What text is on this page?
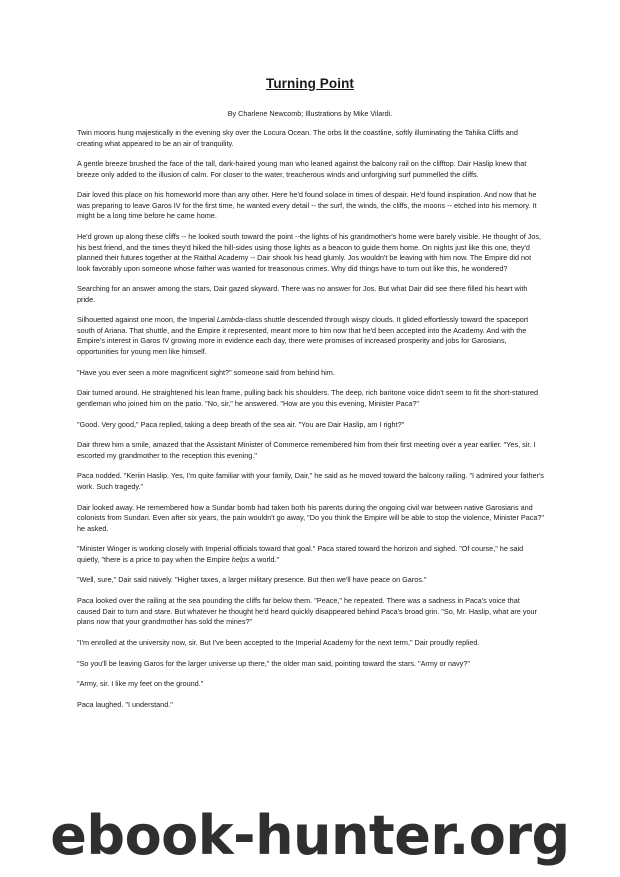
Turning Point
By Charlene Newcomb; Illustrations by Mike Vilardi.

Twin moons hung majestically in the evening sky over the Locura Ocean. The orbs lit the coastline, softly illuminating the Tahika Cliffs and creating what appeared to be an air of tranquility.

A gentle breeze brushed the face of the tall, dark-haired young man who leaned against the balcony rail on the clifftop. Dair Haslip knew that breeze only added to the illusion of calm. For closer to the water, treacherous winds and unforgiving surf pummelled the cliffs.

Dair loved this place on his homeworld more than any other. Here he'd found solace in times of despair. He'd found inspiration. And now that he was preparing to leave Garos IV for the first time, he wanted every detail -- the surf, the winds, the cliffs, the moons -- etched into his memory. It might be a long time before he came home.

He'd grown up along these cliffs -- he looked south toward the point --the lights of his grandmother's home were barely visible. He thought of Jos, his best friend, and the times they'd hiked the hill-sides using those lights as a beacon to guide them home. On nights just like this one, they'd planned their futures together at the Raithal Academy -- Dair shook his head glumly. Jos wouldn't be leaving with him now. The Empire did not look favorably upon someone whose father was wanted for treasonous crimes. Why did things have to turn out like this, he wondered?

Searching for an answer among the stars, Dair gazed skyward. There was no answer for Jos. But what Dair did see there filled his heart with pride.

Silhouetted against one moon, the Imperial Lambda-class shuttle descended through wispy clouds. It glided effortlessly toward the spaceport south of Ariana. That shuttle, and the Empire it represented, meant more to him now that he'd been accepted into the Academy. And with the Empire's interest in Garos IV growing more in evidence each day, there were promises of increased prosperity and jobs for Garosians, opportunities for young men like himself.

"Have you ever seen a more magnificent sight?" someone said from behind him.

Dair turned around. He straightened his lean frame, pulling back his shoulders. The deep, rich baritone voice didn't seem to fit the short-statured gentleman who joined him on the patio. "No, sir," he answered. "How are you this evening, Minister Paca?"

"Good. Very good," Paca replied, taking a deep breath of the sea air. "You are Dair Haslip, am I right?"

Dair threw him a smile, amazed that the Assistant Minister of Commerce remembered him from their first meeting over a year earlier. "Yes, sir. I escorted my grandmother to the reception this evening."

Paca nodded. "Keriin Haslip. Yes, I'm quite familiar with your family, Dair," he said as he moved toward the balcony railing. "I admired your father's work. Such tragedy."

Dair looked away. He remembered how a Sundar bomb had taken both his parents during the ongoing civil war between native Garosians and colonists from Sundari. Even after six years, the pain wouldn't go away, "Do you think the Empire will be able to stop the violence, Minister Paca?" he asked.

"Minister Winger is working closely with Imperial officials toward that goal." Paca stared toward the horizon and sighed. "Of course," he said quietly, "there is a price to pay when the Empire helps a world."

"Well, sure," Dair said naively. "Higher taxes, a larger military presence. But then we'll have peace on Garos."

Paca looked over the railing at the sea pounding the cliffs far below them. "Peace," he repeated. There was a sadness in Paca's voice that caused Dair to turn and stare. But whatever he thought he'd heard quickly disappeared behind Paca's broad grin. "So, Mr. Haslip, what are your plans now that your grandmother has sold the mines?"

"I'm enrolled at the university now, sir. But I've been accepted to the Imperial Academy for the next term," Dair proudly replied.

"So you'll be leaving Garos for the larger universe up there," the older man said, pointing toward the stars. "Army or navy?"

"Army, sir. I like my feet on the ground."

Paca laughed. "I understand."

ebook-hunter.org
